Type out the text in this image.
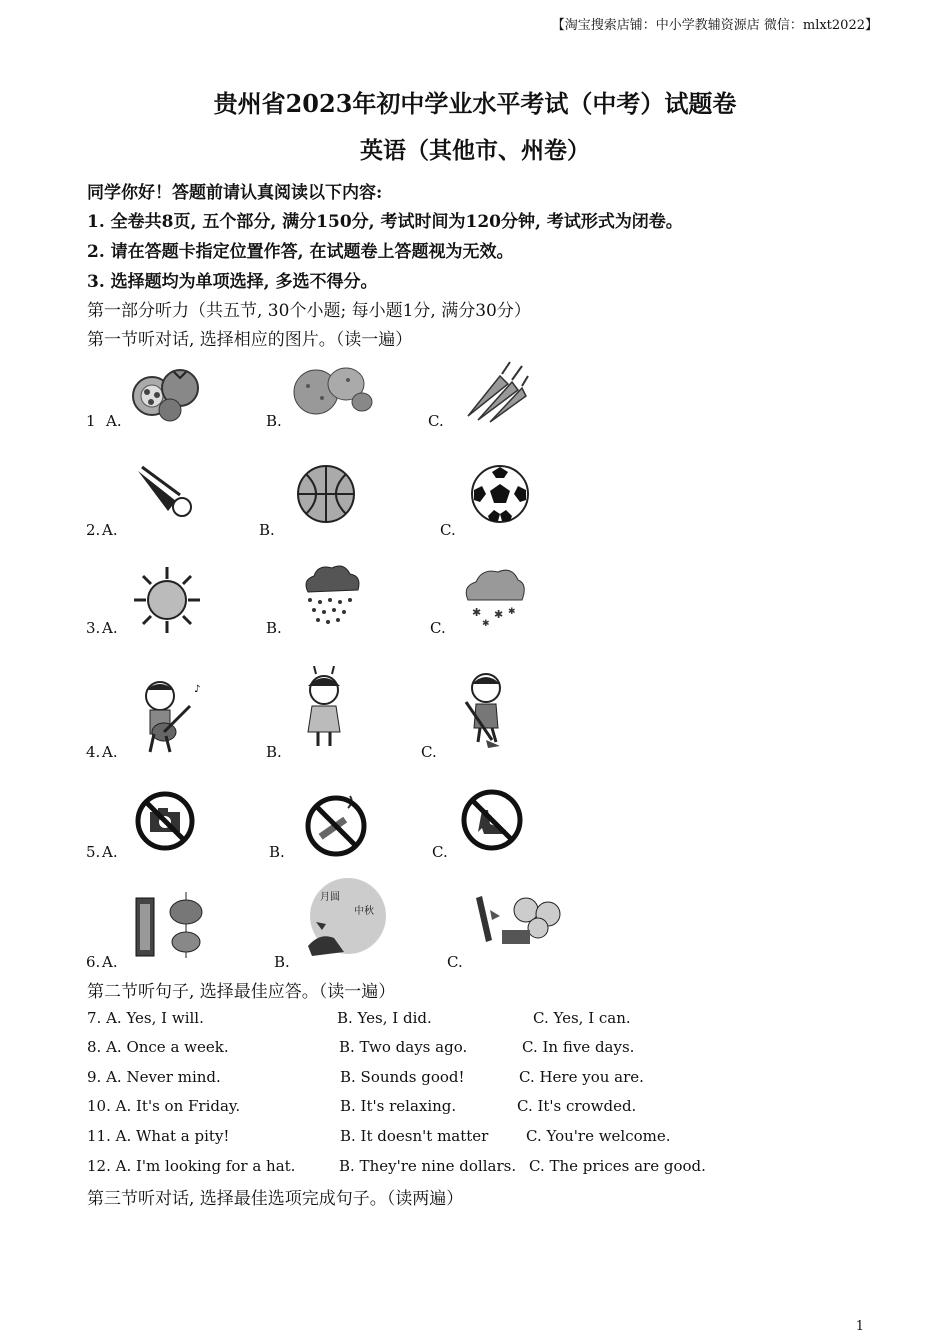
【淘宝搜索店铺：中小学教辅资源店 微信：mlxt2022】
贵州省2023年初中学业水平考试（中考）试题卷
英语（其他市、州卷）
同学你好！答题前请认真阅读以下内容:
1. 全卷共8页, 五个部分, 满分150分, 考试时间为120分钟, 考试形式为闭卷。
2. 请在答题卡指定位置作答, 在试题卷上答题视为无效。
3. 选择题均为单项选择, 多选不得分。
第一部分听力（共五节, 30个小题; 每小题1分, 满分30分）
第一节听对话, 选择相应的图片。（读一遍）
1 A.	B.	C.
2. A.	B.	C.
3. A.	B.	C.
✱ ✱
✱
✱
4. A.	B.	C.
♪
5. A.	B.	C.
6. A.	B.	C.
月圆
中秋
第二节听句子, 选择最佳应答。（读一遍）
7. A. Yes, I will.	B. Yes, I did.	C. Yes, I can.
8. A. Once a week.	B. Two days ago.	C. In five days.
9. A. Never mind.	B. Sounds good!	C. Here you are.
10. A. It's on Friday.	B. It's relaxing.	C. It's crowded.
11. A. What a pity!	B. It doesn't matter	C. You're welcome.
12. A. I'm looking for a hat.	B. They're nine dollars. C. The prices are good.
第三节听对话, 选择最佳选项完成句子。（读两遍）
1
